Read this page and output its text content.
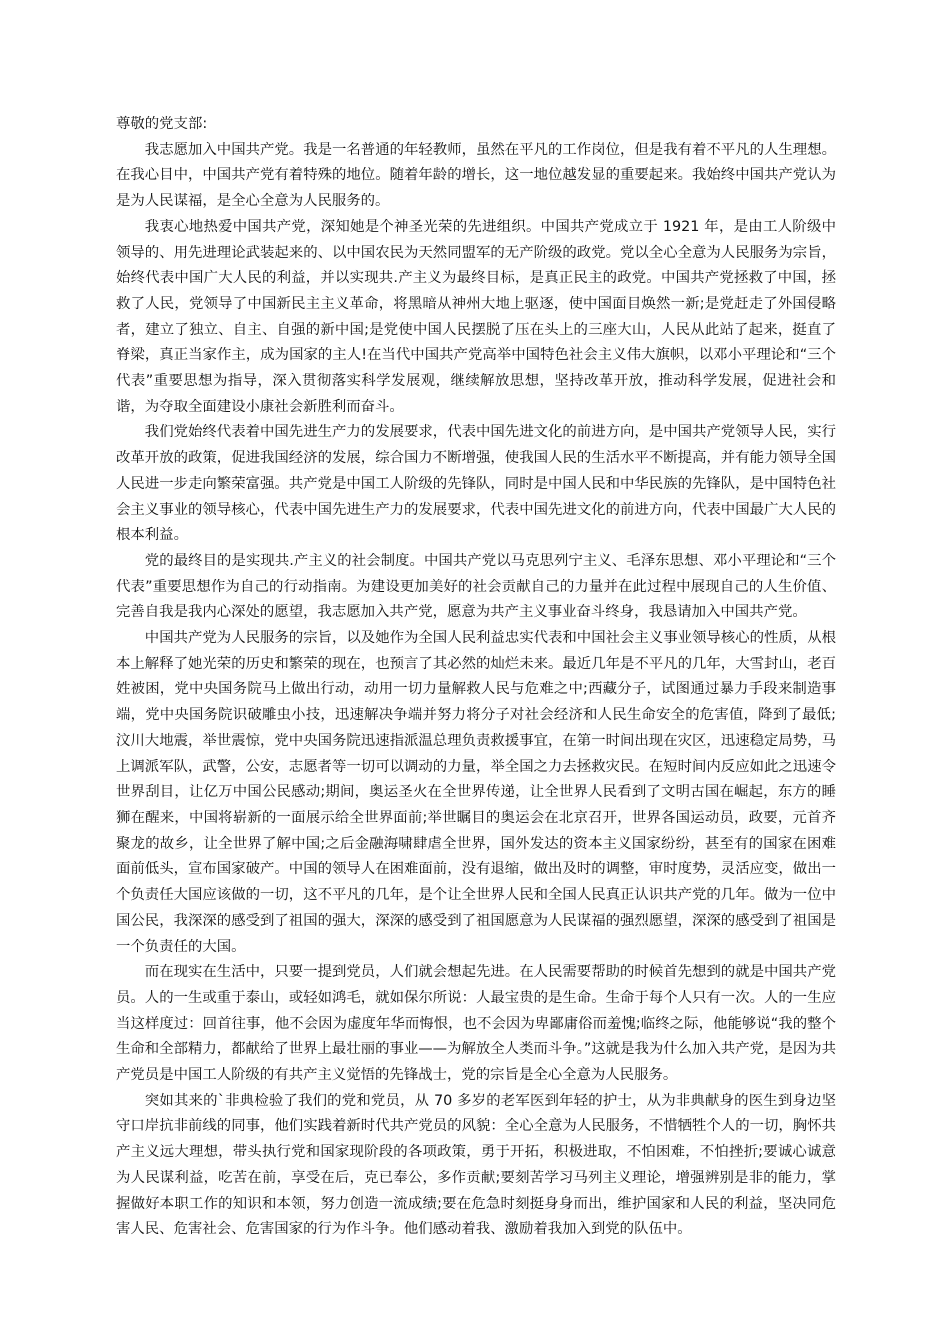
尊敬的党支部:

我志愿加入中国共产党。我是一名普通的年轻教师，虽然在平凡的工作岗位，但是我有着不平凡的人生理想。在我心目中，中国共产党有着特殊的地位。随着年龄的增长，这一地位越发显的重要起来。我始终中国共产党认为是为人民谋福，是全心全意为人民服务的。

我衷心地热爱中国共产党，深知她是个神圣光荣的先进组织。中国共产党成立于 1921 年，是由工人阶级中领导的、用先进理论武装起来的、以中国农民为天然同盟军的无产阶级的政党。党以全心全意为人民服务为宗旨，始终代表中国广大人民的利益，并以实现共.产主义为最终目标，是真正民主的政党。中国共产党拯救了中国，拯救了人民，党领导了中国新民主主义革命，将黑暗从神州大地上驱逐，使中国面目焕然一新;是党赶走了外国侵略者，建立了独立、自主、自强的新中国;是党使中国人民摆脱了压在头上的三座大山，人民从此站了起来，挺直了脊梁，真正当家作主，成为国家的主人!在当代中国共产党高举中国特色社会主义伟大旗帜，以邓小平理论和“三个代表”重要思想为指导，深入贯彻落实科学发展观，继续解放思想，坚持改革开放，推动科学发展，促进社会和谐，为夺取全面建设小康社会新胜利而奋斗。

我们党始终代表着中国先进生产力的发展要求，代表中国先进文化的前进方向，是中国共产党领导人民，实行改革开放的政策，促进我国经济的发展，综合国力不断增强，使我国人民的生活水平不断提高，并有能力领导全国人民进一步走向繁荣富强。共产党是中国工人阶级的先锋队，同时是中国人民和中华民族的先锋队，是中国特色社会主义事业的领导核心，代表中国先进生产力的发展要求，代表中国先进文化的前进方向，代表中国最广大人民的根本利益。

党的最终目的是实现共.产主义的社会制度。中国共产党以马克思列宁主义、毛泽东思想、邓小平理论和“三个代表”重要思想作为自己的行动指南。为建设更加美好的社会贡献自己的力量并在此过程中展现自己的人生价值、完善自我是我内心深处的愿望，我志愿加入共产党，愿意为共产主义事业奋斗终身，我恳请加入中国共产党。

中国共产党为人民服务的宗旨，以及她作为全国人民利益忠实代表和中国社会主义事业领导核心的性质，从根本上解释了她光荣的历史和繁荣的现在，也预言了其必然的灿烂未来。最近几年是不平凡的几年，大雪封山，老百姓被困，党中央国务院马上做出行动，动用一切力量解救人民与危难之中;西藏分子，试图通过暴力手段来制造事端，党中央国务院识破雕虫小技，迅速解决争端并努力将分子对社会经济和人民生命安全的危害值，降到了最低;汶川大地震，举世震惊，党中央国务院迅速指派温总理负责救援事宜，在第一时间出现在灾区，迅速稳定局势，马上调派军队，武警，公安，志愿者等一切可以调动的力量，举全国之力去拯救灾民。在短时间内反应如此之迅速令世界刮目，让亿万中国公民感动;期间，奥运圣火在全世界传递，让全世界人民看到了文明古国在崛起，东方的睡狮在醒来，中国将崭新的一面展示给全世界面前;举世瞩目的奥运会在北京召开，世界各国运动员，政要，元首齐聚龙的故乡，让全世界了解中国;之后金融海啸肆虐全世界，国外发达的资本主义国家纷纷，甚至有的国家在困难面前低头，宣布国家破产。中国的领导人在困难面前，没有退缩，做出及时的调整，审时度势，灵活应变，做出一个负责任大国应该做的一切，这不平凡的几年，是个让全世界人民和全国人民真正认识共产党的几年。做为一位中国公民，我深深的感受到了祖国的强大，深深的感受到了祖国愿意为人民谋福的强烈愿望，深深的感受到了祖国是一个负责任的大国。

而在现实在生活中，只要一提到党员，人们就会想起先进。在人民需要帮助的时候首先想到的就是中国共产党员。人的一生或重于泰山，或轻如鸿毛，就如保尔所说：人最宝贵的是生命。生命于每个人只有一次。人的一生应当这样度过：回首往事，他不会因为虚度年华而悔恨，也不会因为卑鄙庸俗而羞愧;临终之际，他能够说“我的整个生命和全部精力，都献给了世界上最壮丽的事业——为解放全人类而斗争。”这就是我为什么加入共产党，是因为共产党员是中国工人阶级的有共产主义觉悟的先锋战士，党的宗旨是全心全意为人民服务。

突如其来的`非典检验了我们的党和党员，从 70 多岁的老军医到年轻的护士，从为非典献身的医生到身边坚守口岸抗非前线的同事，他们实践着新时代共产党员的风貌：全心全意为人民服务，不惜牺牲个人的一切，胸怀共产主义远大理想，带头执行党和国家现阶段的各项政策，勇于开拓，积极进取，不怕困难，不怕挫折;要诚心诚意为人民谋利益，吃苦在前，享受在后，克已奉公，多作贡献;要刻苦学习马列主义理论，增强辨别是非的能力，掌握做好本职工作的知识和本领，努力创造一流成绩;要在危急时刻挺身身而出，维护国家和人民的利益，坚决同危害人民、危害社会、危害国家的行为作斗争。他们感动着我、激励着我加入到党的队伍中。
